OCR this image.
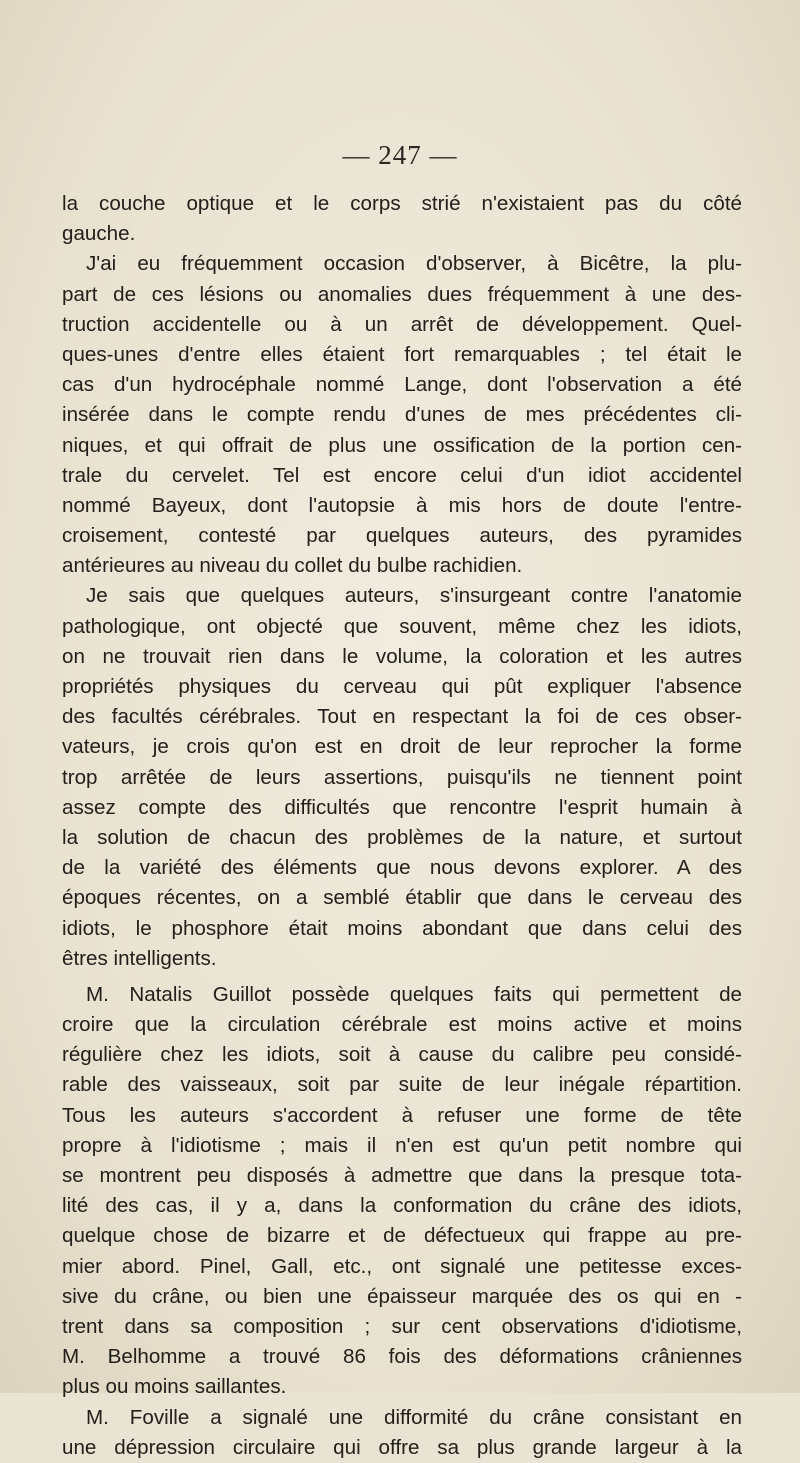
— 247 —
la couche optique et le corps strié n'existaient pas du côté
gauche.
J'ai eu fréquemment occasion d'observer, à Bicêtre, la plu-
part de ces lésions ou anomalies dues fréquemment à une des-
truction accidentelle ou à un arrêt de développement. Quel-
ques-unes d'entre elles étaient fort remarquables ; tel était le
cas d'un hydrocéphale nommé Lange, dont l'observation a été
insérée dans le compte rendu d'unes de mes précédentes cli-
niques, et qui offrait de plus une ossification de la portion cen-
trale du cervelet. Tel est encore celui d'un idiot accidentel
nommé Bayeux, dont l'autopsie à mis hors de doute l'entre-
croisement, contesté par quelques auteurs, des pyramides
antérieures au niveau du collet du bulbe rachidien.
Je sais que quelques auteurs, s'insurgeant contre l'anatomie
pathologique, ont objecté que souvent, même chez les idiots,
on ne trouvait rien dans le volume, la coloration et les autres
propriétés physiques du cerveau qui pût expliquer l'absence
des facultés cérébrales. Tout en respectant la foi de ces obser-
vateurs, je crois qu'on est en droit de leur reprocher la forme
trop arrêtée de leurs assertions, puisqu'ils ne tiennent point
assez compte des difficultés que rencontre l'esprit humain à
la solution de chacun des problèmes de la nature, et surtout
de la variété des éléments que nous devons explorer. A des
époques récentes, on a semblé établir que dans le cerveau des
idiots, le phosphore était moins abondant que dans celui des
êtres intelligents.
M. Natalis Guillot possède quelques faits qui permettent de
croire que la circulation cérébrale est moins active et moins
régulière chez les idiots, soit à cause du calibre peu considé-
rable des vaisseaux, soit par suite de leur inégale répartition.
Tous les auteurs s'accordent à refuser une forme de tête
propre à l'idiotisme ; mais il n'en est qu'un petit nombre qui
se montrent peu disposés à admettre que dans la presque tota-
lité des cas, il y a, dans la conformation du crâne des idiots,
quelque chose de bizarre et de défectueux qui frappe au pre-
mier abord. Pinel, Gall, etc., ont signalé une petitesse exces-
sive du crâne, ou bien une épaisseur marquée des os qui en -
trent dans sa composition ; sur cent observations d'idiotisme,
M. Belhomme a trouvé 86 fois des déformations crâniennes
plus ou moins saillantes.
M. Foville a signalé une difformité du crâne consistant en
une dépression circulaire qui offre sa plus grande largeur à la
